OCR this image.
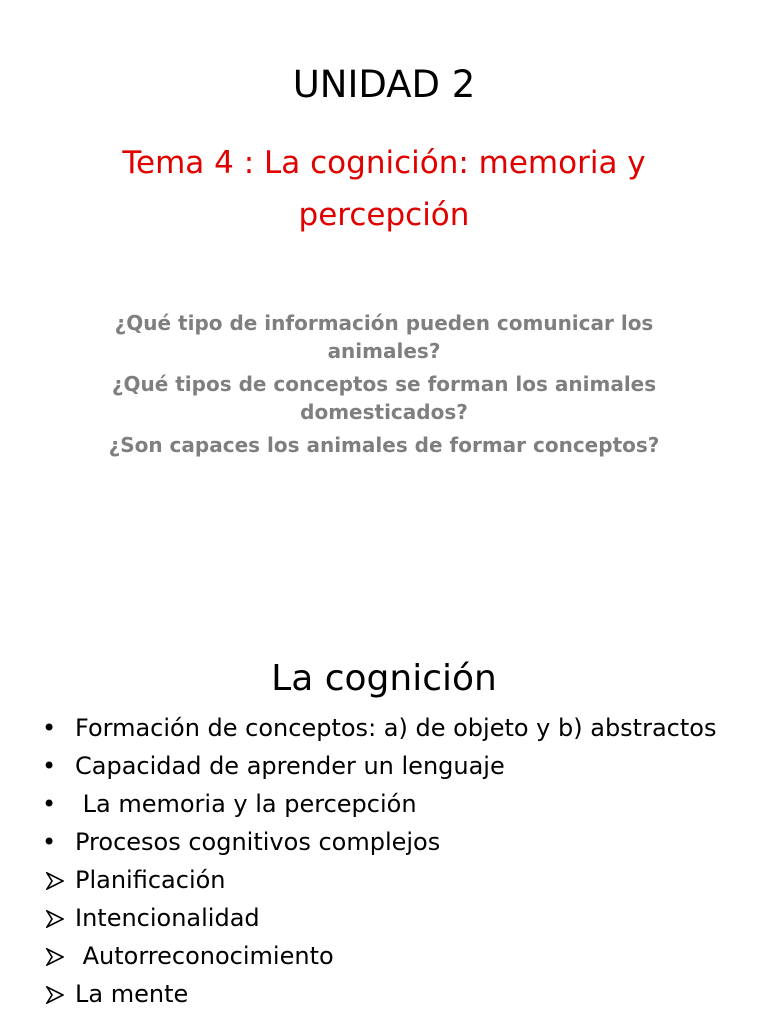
UNIDAD 2
Tema 4 : La cognición: memoria y percepción

¿Qué tipo de información pueden comunicar los animales?

¿Qué tipos de conceptos se forman los animales domesticados?

¿Son capaces los animales de formar conceptos?

La cognición
• Formación de conceptos: a) de objeto y b) abstractos
• Capacidad de aprender un lenguaje
• La memoria y la percepción
• Procesos cognitivos complejos
Planificación
Intencionalidad
Autorreconocimiento
La mente
